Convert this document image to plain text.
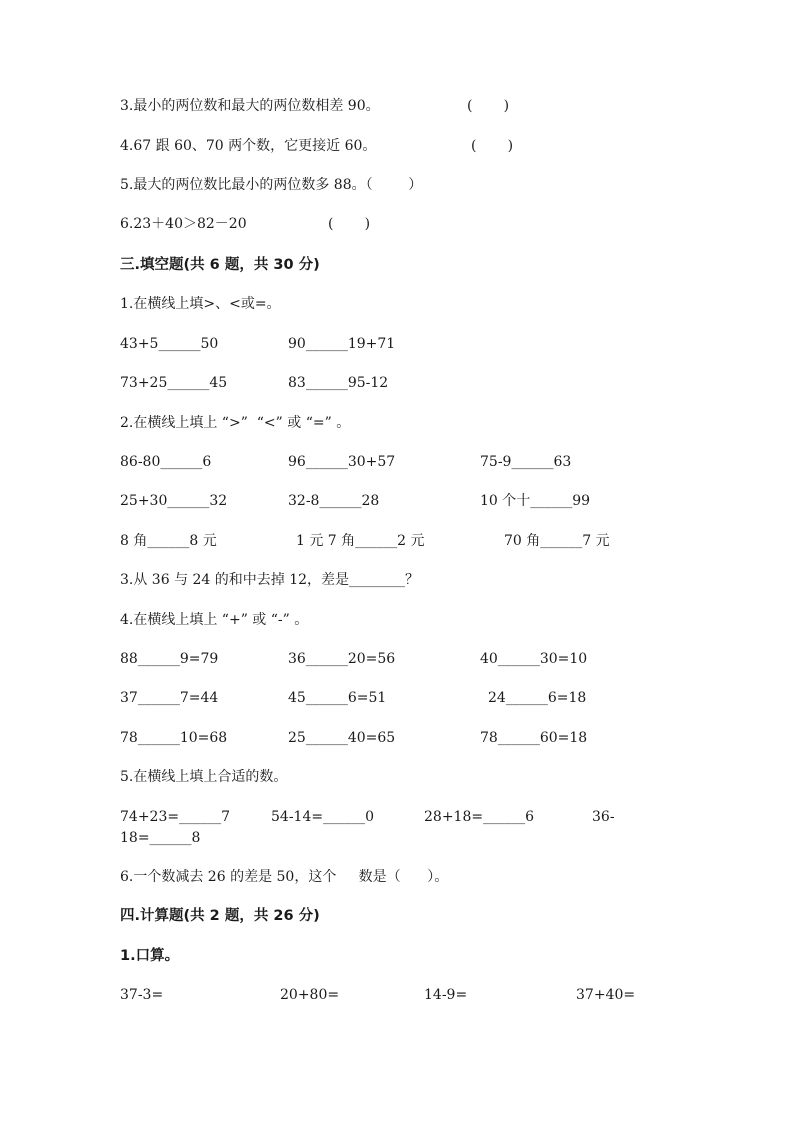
3.最小的两位数和最大的两位数相差 90。	(       )
4.67 跟 60、70 两个数，它更接近 60。	(       )
5.最大的两位数比最小的两位数多 88。（        ）
6.23＋40＞82－20	(       )
三.填空题(共 6 题，共 30 分)
1.在横线上填>、<或=。
43+5______50	90______19+71
73+25______45	83______95-12
2.在横线上填上 “>”  “<” 或 “=” 。
86-80______6	96______30+57	75-9______63
25+30______32	32-8______28	10 个十______99
8 角______8 元	1 元 7 角______2 元	70 角______7 元
3.从 36 与 24 的和中去掉 12，差是________？
4.在横线上填上 “+” 或 “-” 。
88______9=79	36______20=56	40______30=10
37______7=44	45______6=51	24______6=18
78______10=68	25______40=65	78______60=18
5.在横线上填上合适的数。
74+23=______7	54-14=______0	28+18=______6	36-
18=______8
6.一个数减去 26 的差是 50，这个     数是（      ）。
四.计算题(共 2 题，共 26 分)
1.口算。
37-3=	20+80=	14-9=	37+40=
